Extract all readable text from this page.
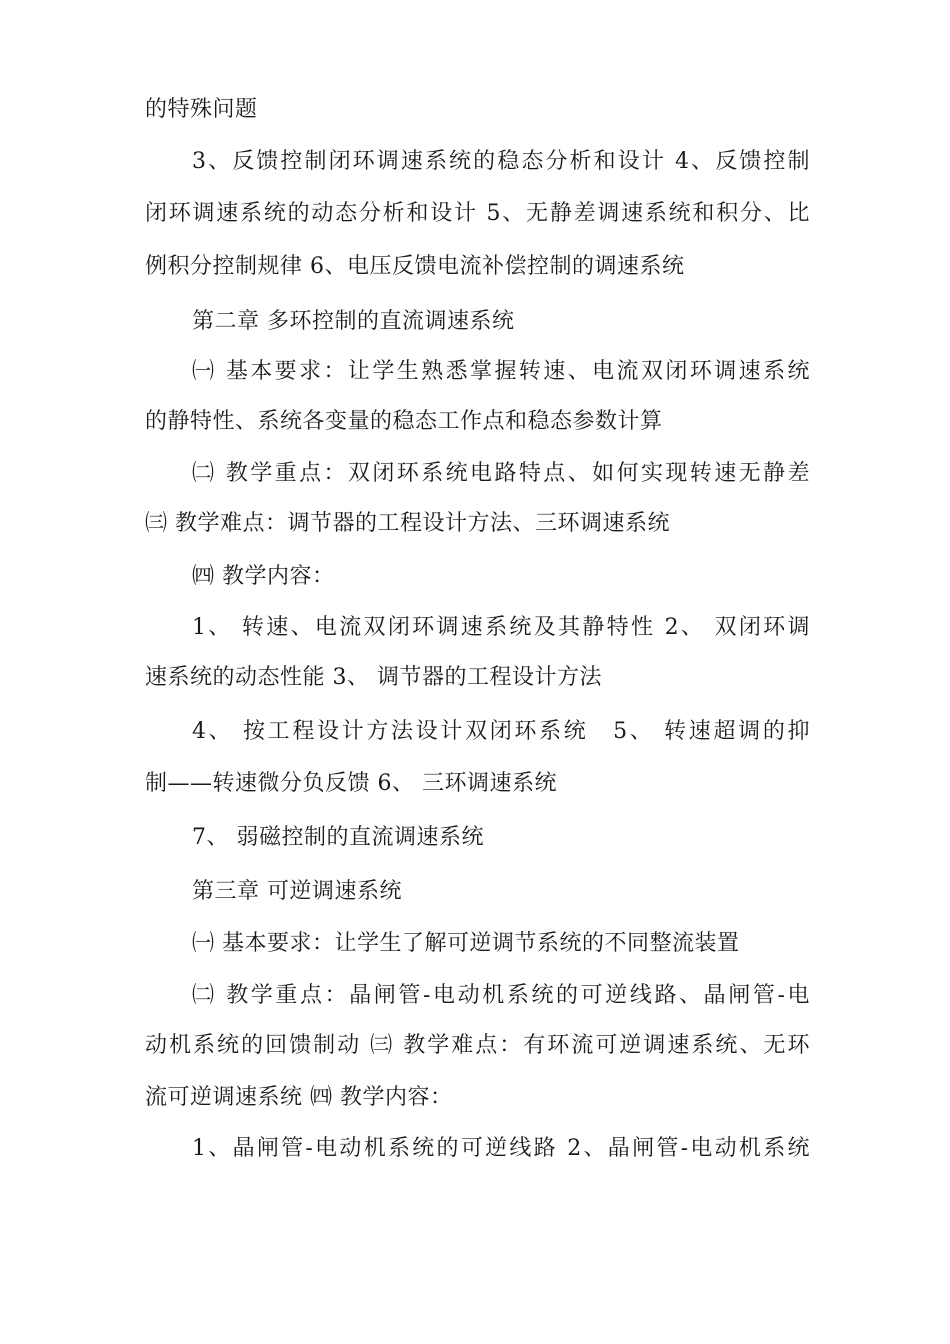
的特殊问题
3、反馈控制闭环调速系统的稳态分析和设计 4、反馈控制
闭环调速系统的动态分析和设计 5、无静差调速系统和积分、比
例积分控制规律 6、电压反馈电流补偿控制的调速系统
第二章 多环控制的直流调速系统
㈠ 基本要求：让学生熟悉掌握转速、电流双闭环调速系统
的静特性、系统各变量的稳态工作点和稳态参数计算
㈡ 教学重点：双闭环系统电路特点、如何实现转速无静差
㈢ 教学难点：调节器的工程设计方法、三环调速系统
㈣ 教学内容：
1、 转速、电流双闭环调速系统及其静特性 2、 双闭环调
速系统的动态性能 3、 调节器的工程设计方法
4、 按工程设计方法设计双闭环系统　5、 转速超调的抑
制——转速微分负反馈 6、 三环调速系统
7、 弱磁控制的直流调速系统
第三章 可逆调速系统
㈠ 基本要求：让学生了解可逆调节系统的不同整流装置
㈡ 教学重点：晶闸管-电动机系统的可逆线路、晶闸管-电
动机系统的回馈制动 ㈢ 教学难点：有环流可逆调速系统、无环
流可逆调速系统 ㈣ 教学内容：
1、晶闸管-电动机系统的可逆线路 2、晶闸管-电动机系统
